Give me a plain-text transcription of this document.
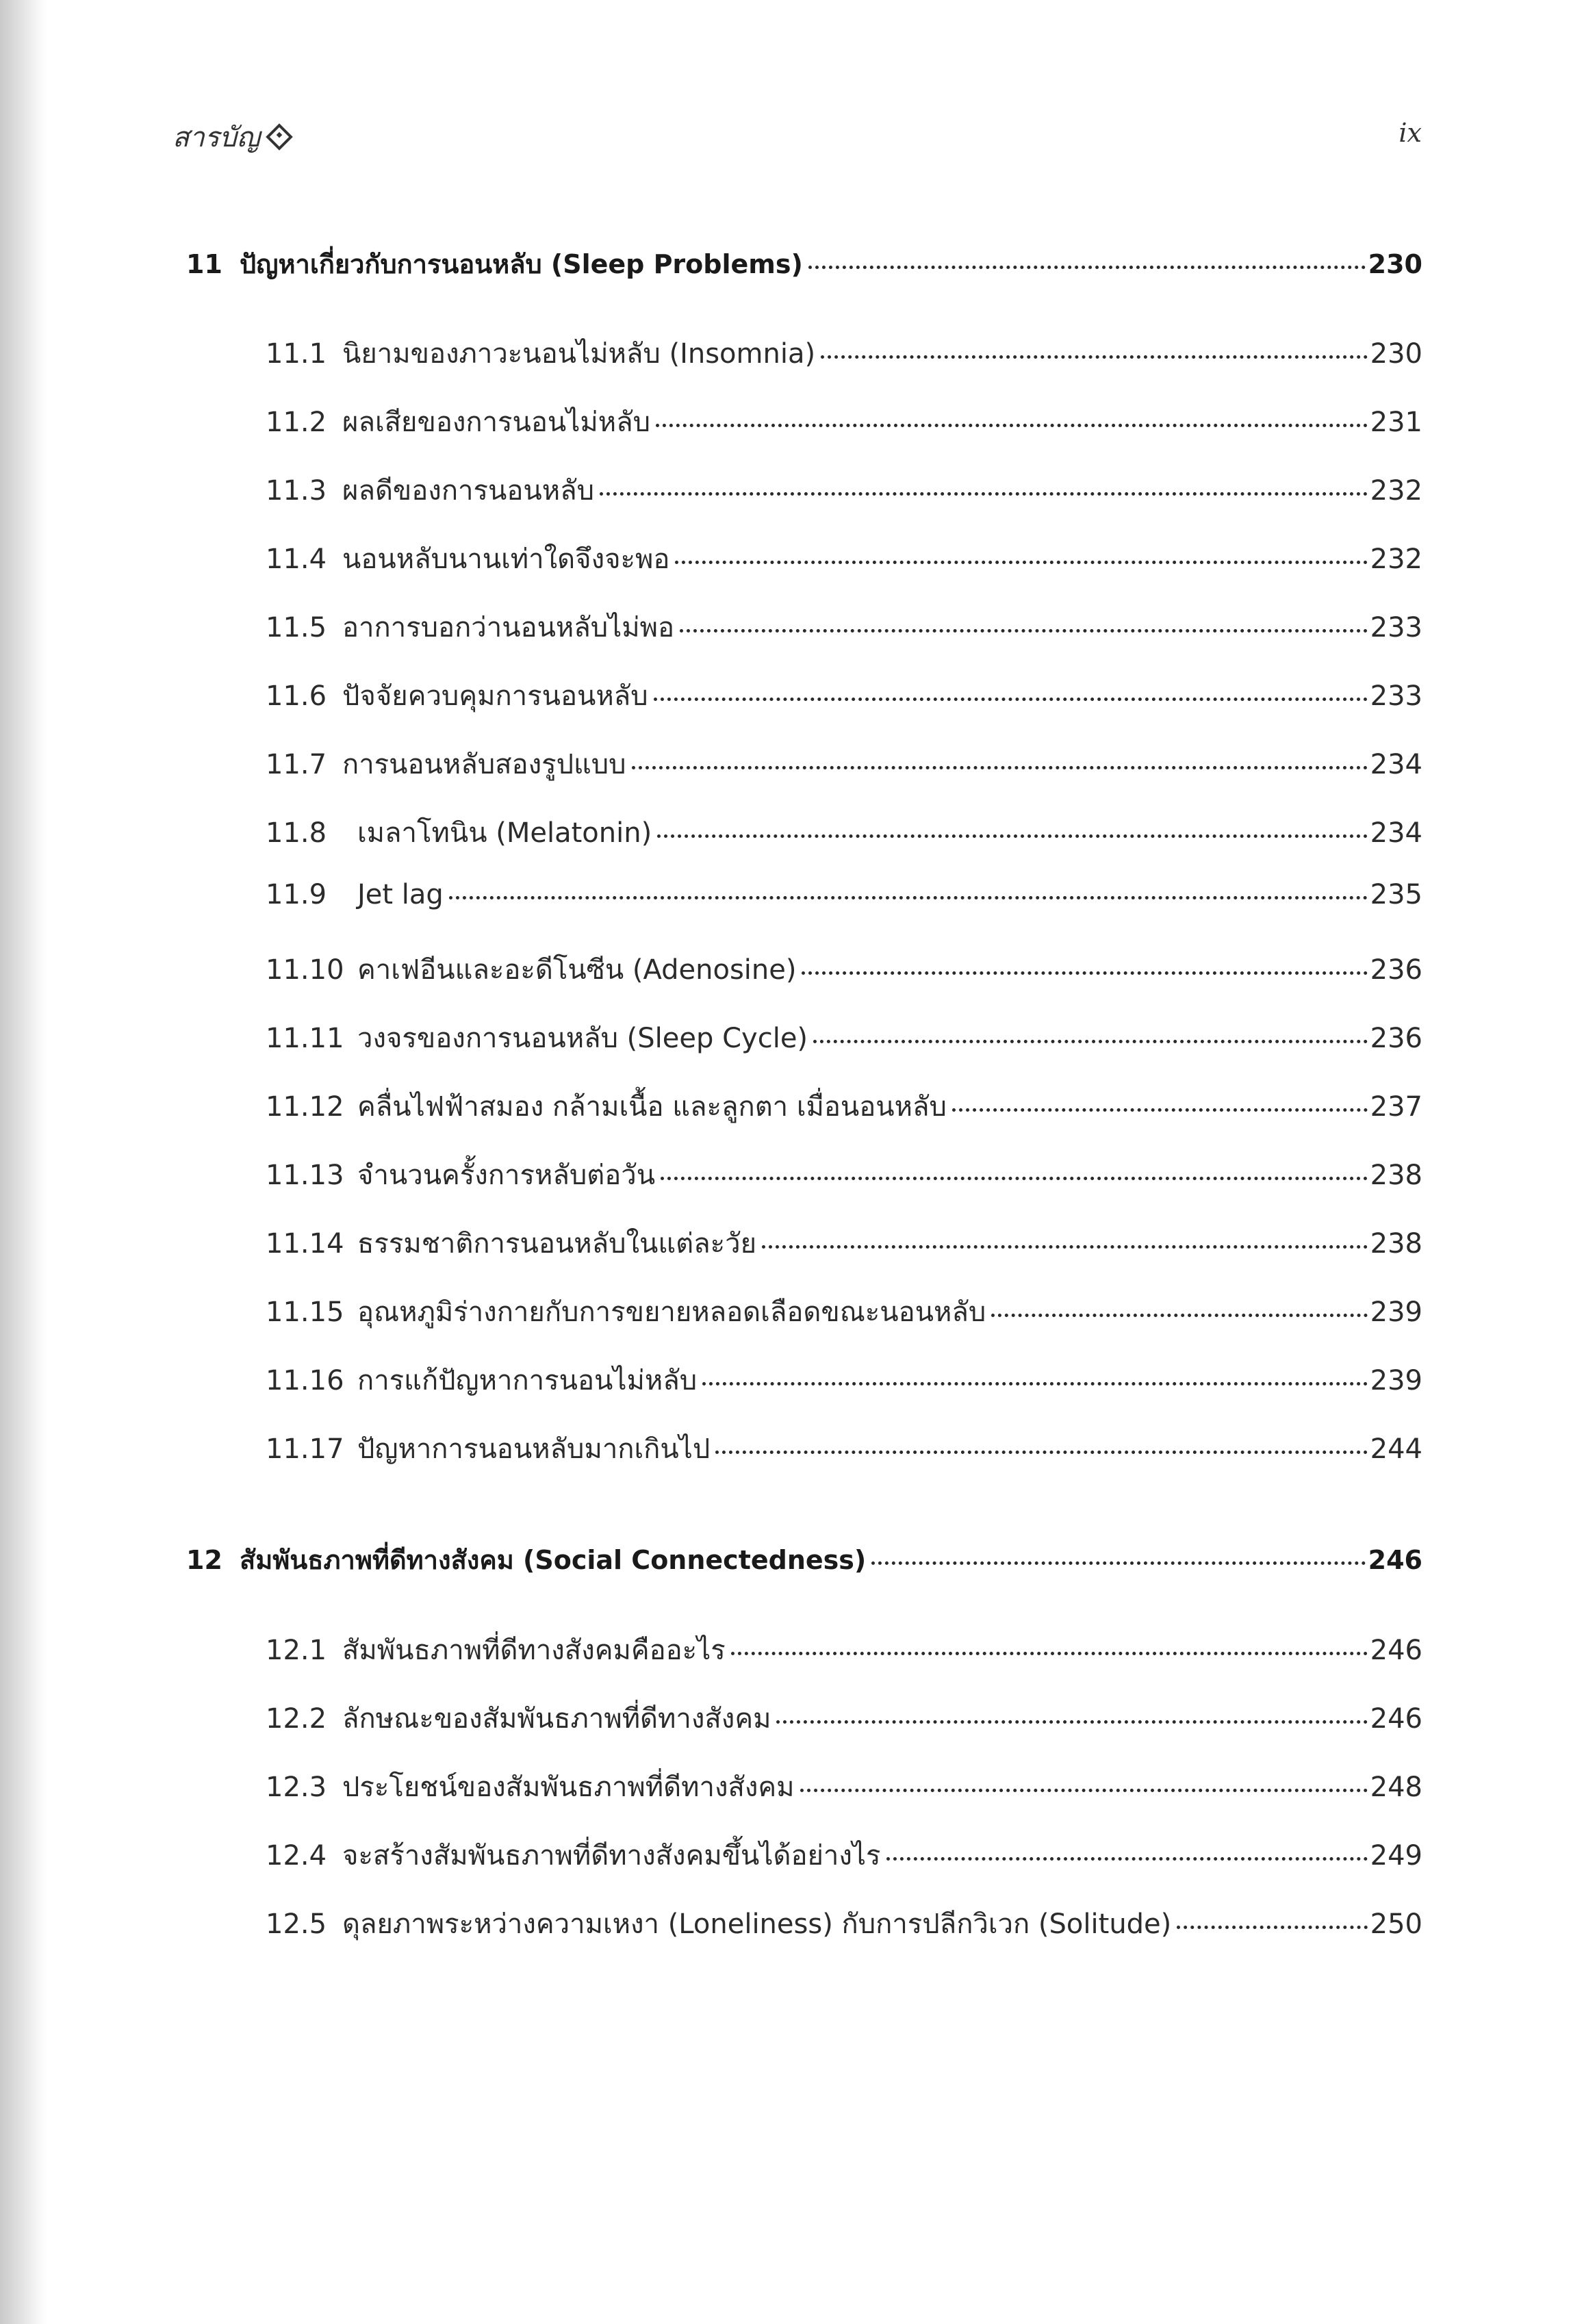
สารบัญ	ix
11 ปัญหาเกี่ยวกับการนอนหลับ (Sleep Problems)	230
11.1 นิยามของภาวะนอนไม่หลับ (Insomnia)	230
11.2 ผลเสียของการนอนไม่หลับ	231
11.3 ผลดีของการนอนหลับ	232
11.4 นอนหลับนานเท่าใดจึงจะพอ	232
11.5 อาการบอกว่านอนหลับไม่พอ	233
11.6 ปัจจัยควบคุมการนอนหลับ	233
11.7 การนอนหลับสองรูปแบบ	234
11.8	เมลาโทนิน (Melatonin)	234
11.9	Jet lag	235
11.10 คาเฟอีนและอะดีโนซีน (Adenosine)	236
11.11 วงจรของการนอนหลับ (Sleep Cycle)	236
11.12 คลื่นไฟฟ้าสมอง กล้ามเนื้อ และลูกตา เมื่อนอนหลับ	237
11.13 จำนวนครั้งการหลับต่อวัน	238
11.14 ธรรมชาติการนอนหลับในแต่ละวัย	238
11.15 อุณหภูมิร่างกายกับการขยายหลอดเลือดขณะนอนหลับ	239
11.16 การแก้ปัญหาการนอนไม่หลับ	239
11.17 ปัญหาการนอนหลับมากเกินไป	244
12 สัมพันธภาพที่ดีทางสังคม (Social Connectedness)	246
12.1 สัมพันธภาพที่ดีทางสังคมคืออะไร	246
12.2 ลักษณะของสัมพันธภาพที่ดีทางสังคม	246
12.3 ประโยชน์ของสัมพันธภาพที่ดีทางสังคม	248
12.4 จะสร้างสัมพันธภาพที่ดีทางสังคมขึ้นได้อย่างไร	249
12.5 ดุลยภาพระหว่างความเหงา (Loneliness) กับการปลีกวิเวก (Solitude)	250
